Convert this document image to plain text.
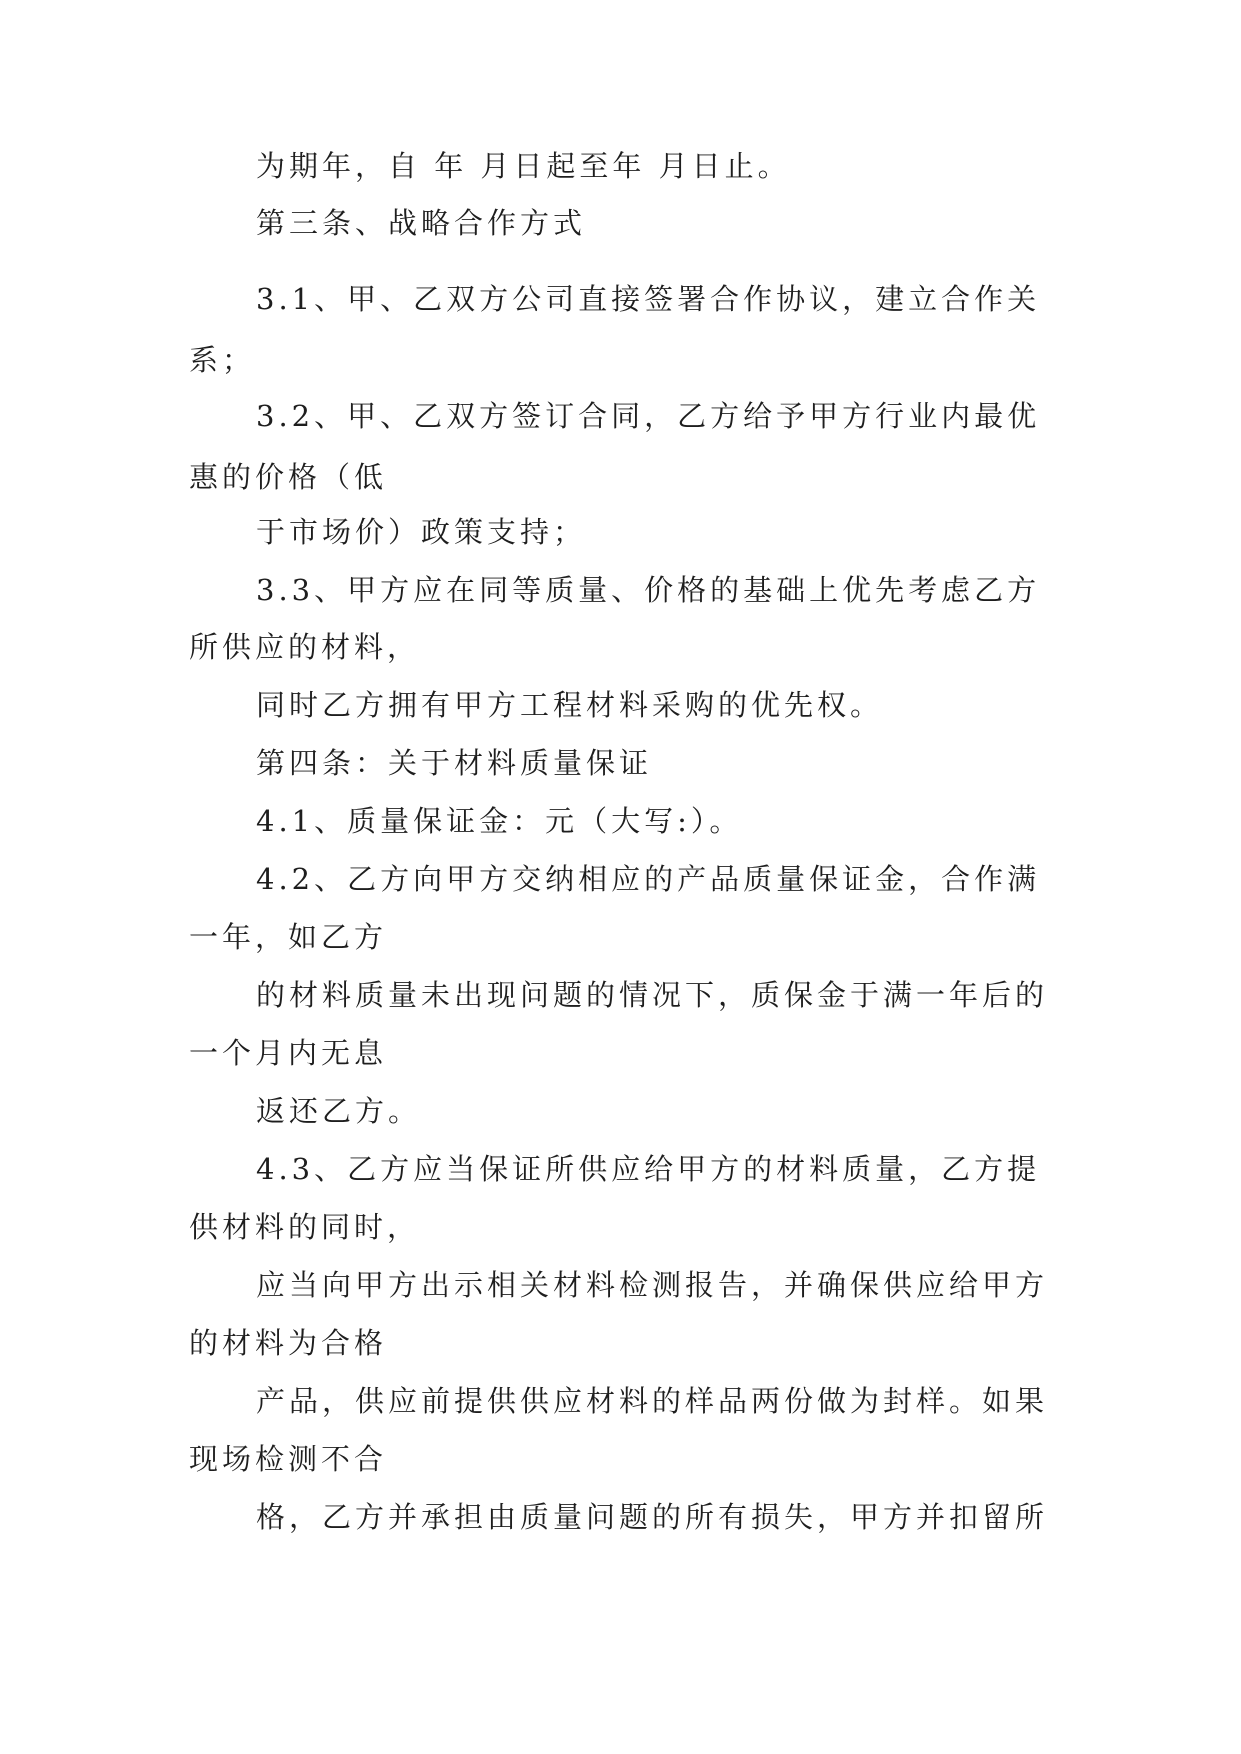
为期年，自 年 月日起至年 月日止。
第三条、战略合作方式
3.1、甲、乙双方公司直接签署合作协议，建立合作关
系；
3.2、甲、乙双方签订合同，乙方给予甲方行业内最优
惠的价格（低
于市场价）政策支持；
3.3、甲方应在同等质量、价格的基础上优先考虑乙方
所供应的材料，
同时乙方拥有甲方工程材料采购的优先权。
第四条：关于材料质量保证
4.1、质量保证金：元（大写:）。
4.2、乙方向甲方交纳相应的产品质量保证金，合作满
一年，如乙方
的材料质量未出现问题的情况下，质保金于满一年后的
一个月内无息
返还乙方。
4.3、乙方应当保证所供应给甲方的材料质量，乙方提
供材料的同时，
应当向甲方出示相关材料检测报告，并确保供应给甲方
的材料为合格
产品，供应前提供供应材料的样品两份做为封样。如果
现场检测不合
格，乙方并承担由质量问题的所有损失，甲方并扣留所
